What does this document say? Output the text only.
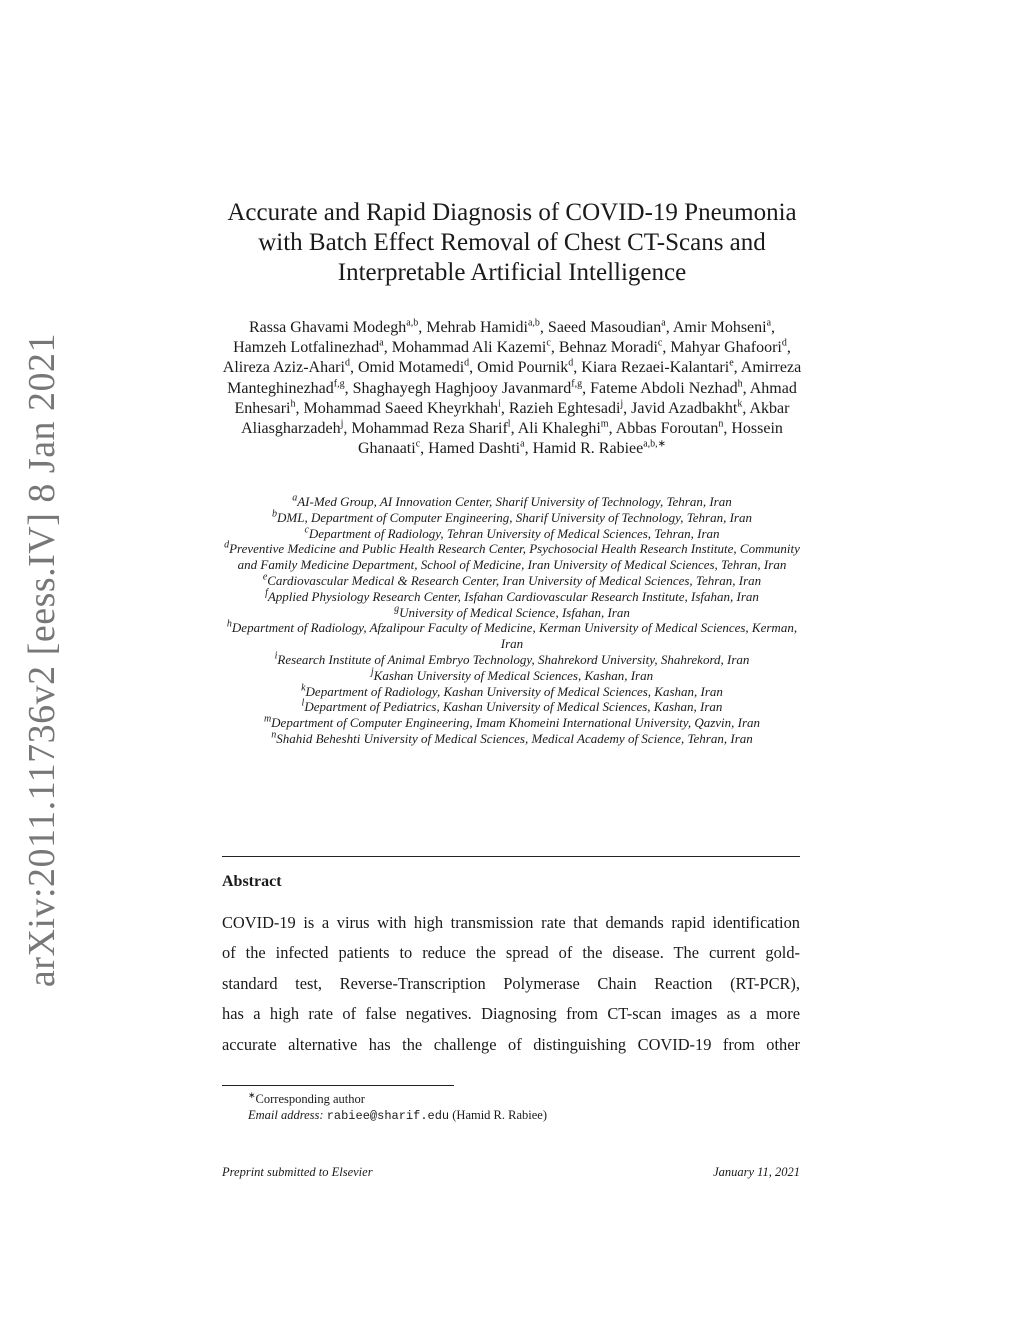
arXiv:2011.11736v2 [eess.IV] 8 Jan 2021
Accurate and Rapid Diagnosis of COVID-19 Pneumonia
with Batch Effect Removal of Chest CT-Scans and
Interpretable Artificial Intelligence
Rassa Ghavami Modegh$^{a,b}$, Mehrab Hamidi$^{a,b}$, Saeed Masoudian$^a$, Amir Mohseni$^a$, Hamzeh Lotfalinezhad$^a$, Mohammad Ali Kazemi$^c$, Behnaz Moradi$^c$, Mahyar Ghafoori$^d$, Alireza Aziz-Ahari$^d$, Omid Motamedi$^d$, Omid Pournik$^d$, Kiara Rezaei-Kalantari$^e$, Amirreza Manteghinezhad$^{f,g}$, Shaghayegh Haghjooy Javanmard$^{f,g}$, Fateme Abdoli Nezhad$^h$, Ahmad Enhesari$^h$, Mohammad Saeed Kheyrkhah$^i$, Razieh Eghtesadi$^j$, Javid Azadbakht$^k$, Akbar Aliasgharzadeh$^j$, Mohammad Reza Sharif$^l$, Ali Khaleghi$^m$, Abbas Foroutan$^n$, Hossein Ghanaati$^c$, Hamed Dashti$^a$, Hamid R. Rabiee$^{a,b,∗}$
$^a$AI-Med Group, AI Innovation Center, Sharif University of Technology, Tehran, Iran
$^b$DML, Department of Computer Engineering, Sharif University of Technology, Tehran, Iran
$^c$Department of Radiology, Tehran University of Medical Sciences, Tehran, Iran
$^d$Preventive Medicine and Public Health Research Center, Psychosocial Health Research Institute, Community and Family Medicine Department, School of Medicine, Iran University of Medical Sciences, Tehran, Iran
$^e$Cardiovascular Medical & Research Center, Iran University of Medical Sciences, Tehran, Iran
$^f$Applied Physiology Research Center, Isfahan Cardiovascular Research Institute, Isfahan, Iran
$^g$University of Medical Science, Isfahan, Iran
$^h$Department of Radiology, Afzalipour Faculty of Medicine, Kerman University of Medical Sciences, Kerman, Iran
$^i$Research Institute of Animal Embryo Technology, Shahrekord University, Shahrekord, Iran
$^j$Kashan University of Medical Sciences, Kashan, Iran
$^k$Department of Radiology, Kashan University of Medical Sciences, Kashan, Iran
$^l$Department of Pediatrics, Kashan University of Medical Sciences, Kashan, Iran
$^m$Department of Computer Engineering, Imam Khomeini International University, Qazvin, Iran
$^n$Shahid Beheshti University of Medical Sciences, Medical Academy of Science, Tehran, Iran
Abstract
COVID-19 is a virus with high transmission rate that demands rapid identification
of the infected patients to reduce the spread of the disease. The current gold-
standard test, Reverse-Transcription Polymerase Chain Reaction (RT-PCR),
has a high rate of false negatives. Diagnosing from CT-scan images as a more
accurate alternative has the challenge of distinguishing COVID-19 from other
∗Corresponding author
Email address: rabiee@sharif.edu (Hamid R. Rabiee)
Preprint submitted to Elsevier	January 11, 2021
